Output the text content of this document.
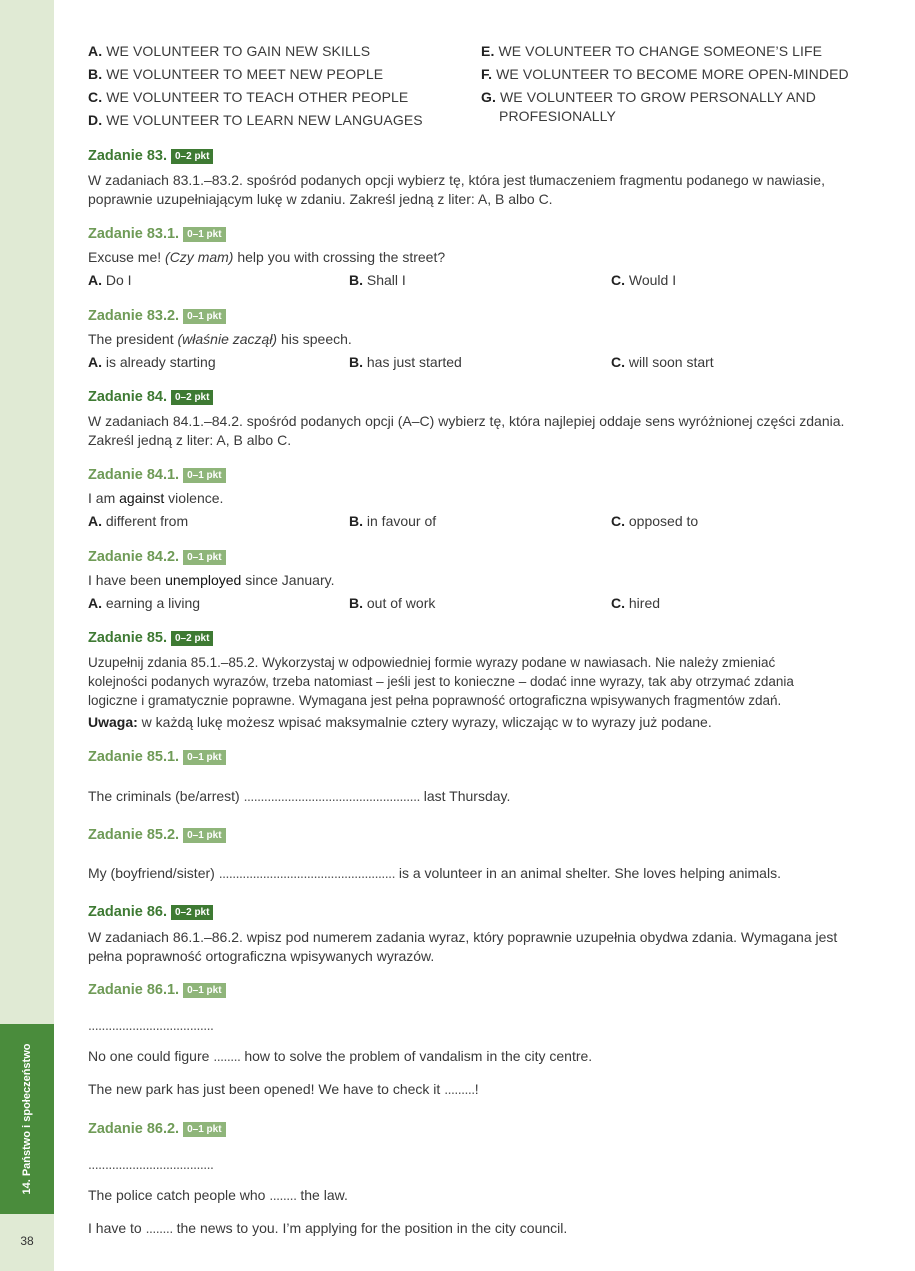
14. Państwo i społeczeństwo
38
A. WE VOLUNTEER TO GAIN NEW SKILLS
B. WE VOLUNTEER TO MEET NEW PEOPLE
C. WE VOLUNTEER TO TEACH OTHER PEOPLE
D. WE VOLUNTEER TO LEARN NEW LANGUAGES
E. WE VOLUNTEER TO CHANGE SOMEONE’S LIFE
F. WE VOLUNTEER TO BECOME MORE OPEN-MINDED
G. WE VOLUNTEER TO GROW PERSONALLY AND
PROFESIONALLY
Zadanie 83. 0–2 pkt
W zadaniach 83.1.–83.2. spośród podanych opcji wybierz tę, która jest tłumaczeniem fragmentu podanego w nawiasie,
poprawnie uzupełniającym lukę w zdaniu. Zakreśl jedną z liter: A, B albo C.
Zadanie 83.1. 0–1 pkt
Excuse me! (Czy mam) help you with crossing the street?
A. Do I	B. Shall I	C. Would I
Zadanie 83.2. 0–1 pkt
The president (właśnie zaczął) his speech.
A. is already starting	B. has just started	C. will soon start
Zadanie 84. 0–2 pkt
W zadaniach 84.1.–84.2. spośród podanych opcji (A–C) wybierz tę, która najlepiej oddaje sens wyróżnionej części zdania.
Zakreśl jedną z liter: A, B albo C.
Zadanie 84.1. 0–1 pkt
I am against violence.
A. different from	B. in favour of	C. opposed to
Zadanie 84.2. 0–1 pkt
I have been unemployed since January.
A. earning a living	B. out of work	C. hired
Zadanie 85. 0–2 pkt
Uzupełnij zdania 85.1.–85.2. Wykorzystaj w odpowiedniej formie wyrazy podane w nawiasach. Nie należy zmieniać
kolejności podanych wyrazów, trzeba natomiast – jeśli jest to konieczne – dodać inne wyrazy, tak aby otrzymać zdania
logiczne i gramatycznie poprawne. Wymagana jest pełna poprawność ortograficzna wpisywanych fragmentów zdań.
Uwaga: w każdą lukę możesz wpisać maksymalnie cztery wyrazy, wliczając w to wyrazy już podane.
Zadanie 85.1. 0–1 pkt
The criminals (be/arrest) .................................................... last Thursday.
Zadanie 85.2. 0–1 pkt
My (boyfriend/sister) .................................................... is a volunteer in an animal shelter. She loves helping animals.
Zadanie 86. 0–2 pkt
W zadaniach 86.1.–86.2. wpisz pod numerem zadania wyraz, który poprawnie uzupełnia obydwa zdania. Wymagana jest
pełna poprawność ortograficzna wpisywanych wyrazów.
Zadanie 86.1. 0–1 pkt
.....................................
No one could figure ........ how to solve the problem of vandalism in the city centre.
The new park has just been opened! We have to check it .........!
Zadanie 86.2. 0–1 pkt
.....................................
The police catch people who ........ the law.
I have to ........ the news to you. I’m applying for the position in the city council.
